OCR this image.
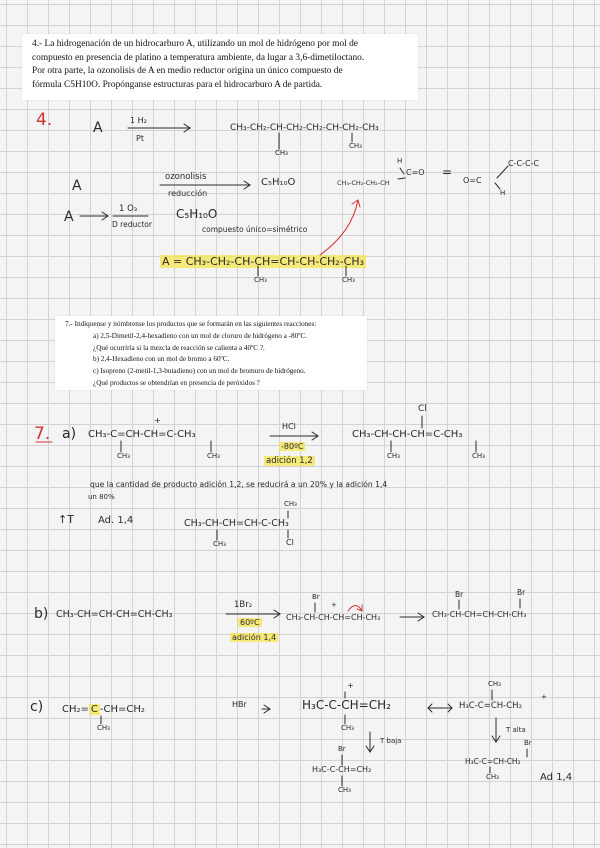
4.- La hidrogenación de un hidrocarburo A, utilizando un mol de hidrógeno por mol de

compuesto en presencia de platino a temperatura ambiente, da lugar a 3,6-dimetiloctano.

Por otra parte, la ozonolisis de A en medio reductor origina un único compuesto de

fórmula C5H10O. Propónganse estructuras para el hidrocarburo A de partida.

4.	A	1 H₂
Pt
CH₃-CH₂-CH-CH₂-CH₂-CH-CH₂-CH₃
CH₃
CH₃
A
ozonolisis
reducción
C₅H₁₀O	CH₃-CH₂-CH₂-CH
H
C=O =
O=C
C-C-C-C
H
A	1 O₃
D reductor
C₅H₁₀O
compuesto único=simétrico
A = CH₃-CH₂-CH-CH=CH-CH-CH₂-CH₃
CH₃	CH₃
7.- Indíquense y nómbrense los productos que se formarán en las siguientes reacciones:
a) 2,5-Dimetil-2,4-hexadieno con un mol de cloruro de hidrógeno a -80ºC.
¿Qué ocurriría si la mezcla de reacción se calienta a 40ºC ?.
b) 2,4-Hexadieno con un mol de bromo a 60ºC.
c) Isopreno (2-metil-1,3-butadieno) con un mol de bromuro de hidrógeno.
¿Qué productos se obtendrían en presencia de peróxidos ?
7. a) CH₃-C=CH-CH=C-CH₃
CH₃	CH₃
+
HCl
-80ºC
adición 1,2
CH₃-CH-CH-CH=C-CH₃
Cl
CH₃	CH₃
que la cantidad de producto adición 1,2, se reducirá a un 20% y la adición 1,4
un 80%
↑T Ad. 1,4	CH₃-CH-CH=CH-C-CH₃
CH₃
CH₃
Cl
b) CH₃-CH=CH-CH=CH-CH₃
1Br₂
60ºC
adición 1,4
CH₃-CH-CH-CH=CH-CH₃
Br
+
CH₃-CH-CH=CH-CH-CH₃
Br	Br
c) CH₂= C -CH=CH₂
CH₃
HBr	H₃C-C-CH=CH₂
+
CH₃
H₃C-C=CH-CH₂
CH₃
+
T baja
T alta
H₃C-C-CH=CH₂
Br
CH₃
H₃C-C=CH-CH₂
Br
CH₃	Ad 1,4
